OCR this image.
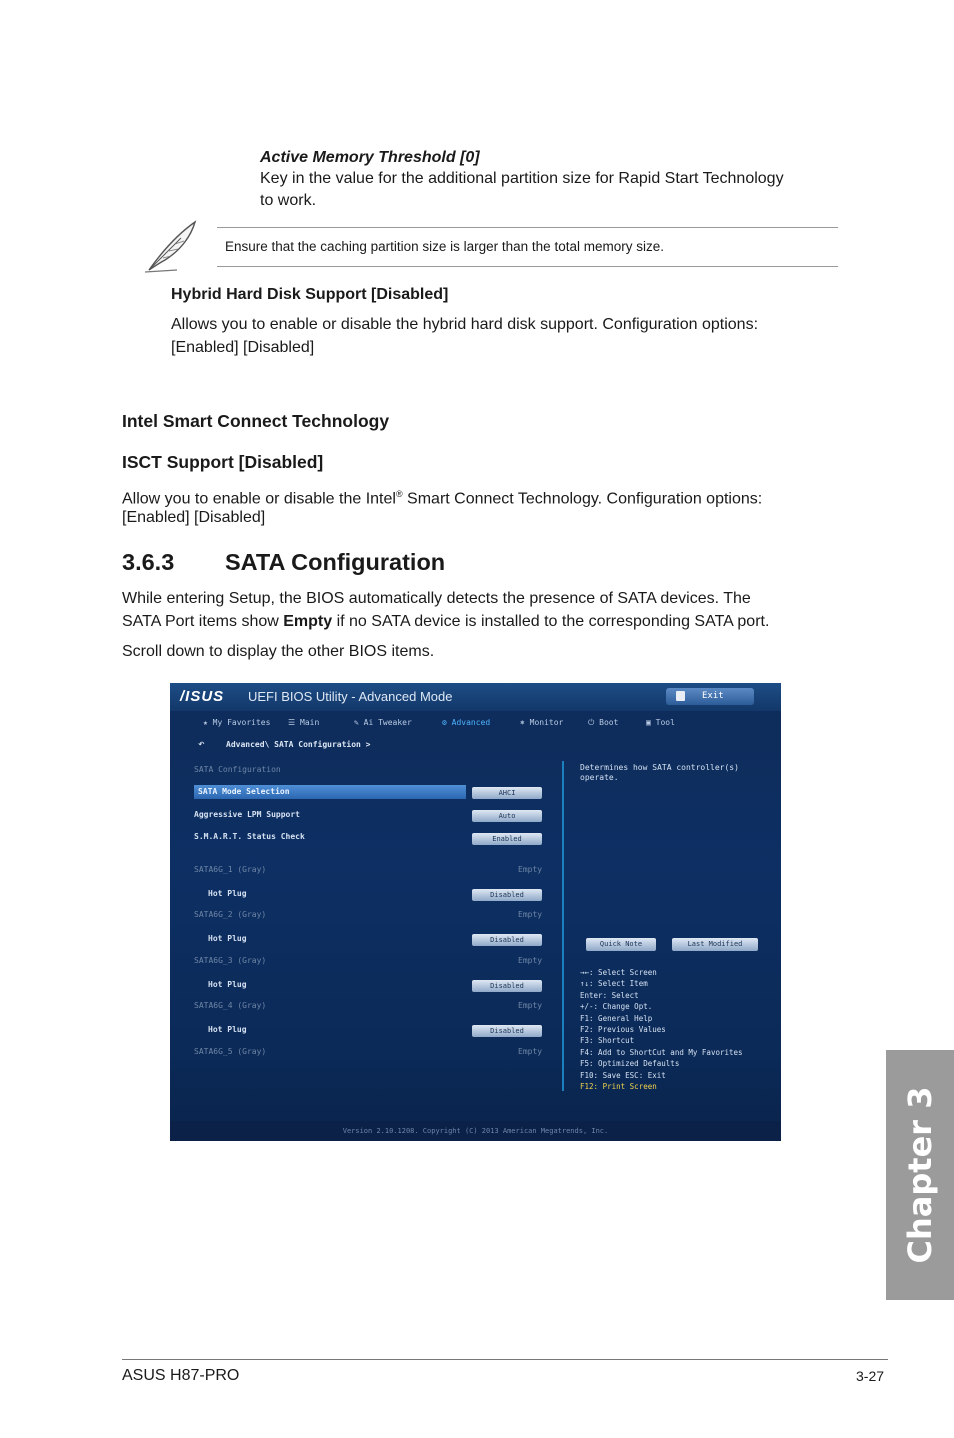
Active Memory Threshold [0]
Key in the value for the additional partition size for Rapid Start Technology
to work.
Ensure that the caching partition size is larger than the total memory size.
Hybrid Hard Disk Support [Disabled]
Allows you to enable or disable the hybrid hard disk support. Configuration options:
[Enabled] [Disabled]
Intel Smart Connect Technology
ISCT Support [Disabled]
Allow you to enable or disable the Intel® Smart Connect Technology. Configuration options:
[Enabled] [Disabled]
3.6.3 SATA Configuration
While entering Setup, the BIOS automatically detects the presence of SATA devices. The
SATA Port items show Empty if no SATA device is installed to the corresponding SATA port.
Scroll down to display the other BIOS items.
/ISUS UEFI BIOS Utility - Advanced Mode	Exit
★ My Favorites ☰ Main	✎ Ai Tweaker	⚙ Advanced	⎈ Monitor	⏻ Boot	▣ Tool
↶	Advanced\ SATA Configuration >
SATA Configuration
SATA Mode Selection	AHCI
Aggressive LPM Support	Auto
S.M.A.R.T. Status Check	Enabled
SATA6G_1 (Gray)	Empty
Hot Plug	Disabled
SATA6G_2 (Gray)	Empty
Hot Plug	Disabled
SATA6G_3 (Gray)	Empty
Hot Plug	Disabled
SATA6G_4 (Gray)	Empty
Hot Plug	Disabled
SATA6G_5 (Gray)	Empty
Determines how SATA controller(s)
operate.
Quick Note	Last Modified
→←: Select Screen
↑↓: Select Item
Enter: Select
+/-: Change Opt.
F1: General Help
F2: Previous Values
F3: Shortcut
F4: Add to ShortCut and My Favorites
F5: Optimized Defaults
F10: Save ESC: Exit
F12: Print Screen
Version 2.10.1208. Copyright (C) 2013 American Megatrends, Inc.	Chapter 3
ASUS H87-PRO	3-27
